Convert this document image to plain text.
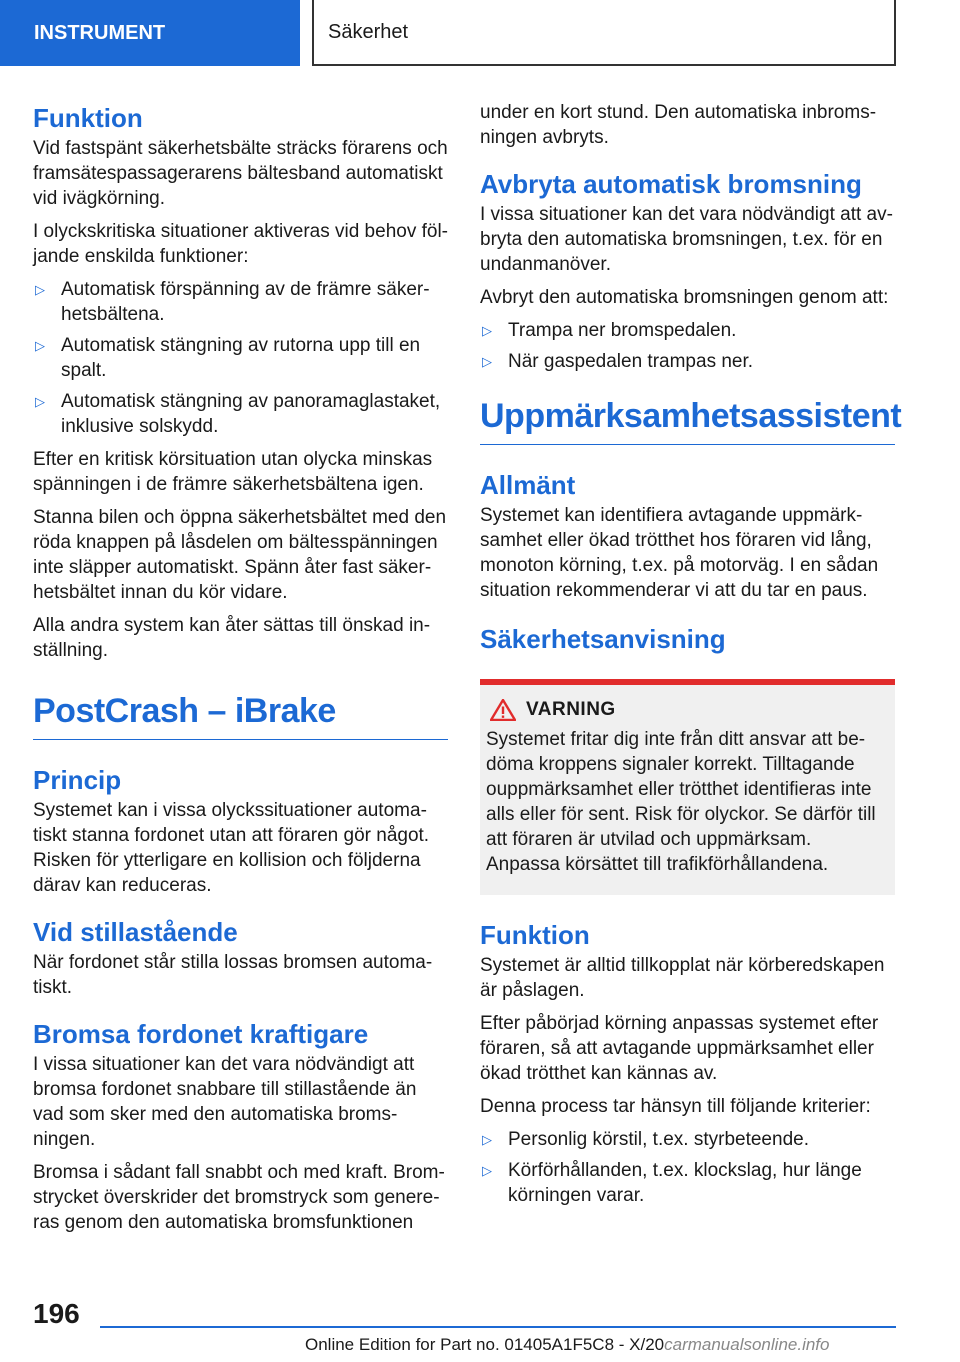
INSTRUMENT	Säkerhet
Funktion

Vid fastspänt säkerhetsbälte sträcks förarens och framsätespassagerarens bältesband automatiskt vid ivägkörning.

I olyckskritiska situationer aktiveras vid behov följande enskilda funktioner:

▷ Automatisk förspänning av de främre säkerhetsbältena.
▷ Automatisk stängning av rutorna upp till en spalt.
▷ Automatisk stängning av panoramaglastaket, inklusive solskydd.

Efter en kritisk körsituation utan olycka minskas spänningen i de främre säkerhetsbältena igen.

Stanna bilen och öppna säkerhetsbältet med den röda knappen på låsdelen om bältesspänningen inte släpper automatiskt. Spänn åter fast säkerhetsbältet innan du kör vidare.

Alla andra system kan åter sättas till önskad inställning.

PostCrash – iBrake
Princip

Systemet kan i vissa olyckssituationer automatiskt stanna fordonet utan att föraren gör något. Risken för ytterligare en kollision och följderna därav kan reduceras.

Vid stillastående

När fordonet står stilla lossas bromsen automatiskt.

Bromsa fordonet kraftigare

I vissa situationer kan det vara nödvändigt att bromsa fordonet snabbare till stillastående än vad som sker med den automatiska bromsningen.

Bromsa i sådant fall snabbt och med kraft. Bromstrycket överskrider det bromstryck som genereras genom den automatiska bromsfunktionen

under en kort stund. Den automatiska inbromsningen avbryts.

Avbryta automatisk bromsning

I vissa situationer kan det vara nödvändigt att avbryta den automatiska bromsningen, t.ex. för en undanmanöver.

Avbryt den automatiska bromsningen genom att:

▷ Trampa ner bromspedalen.
▷ När gaspedalen trampas ner.
Uppmärksamhetsassistent
Allmänt

Systemet kan identifiera avtagande uppmärksamhet eller ökad trötthet hos föraren vid lång, monoton körning, t.ex. på motorväg. I en sådan situation rekommenderar vi att du tar en paus.

Säkerhetsanvisning
VARNING

Systemet fritar dig inte från ditt ansvar att bedöma kroppens signaler korrekt. Tilltagande ouppmärksamhet eller trötthet identifieras inte alls eller för sent. Risk för olyckor. Se därför till att föraren är utvilad och uppmärksam. Anpassa körsättet till trafikförhållandena.

Funktion

Systemet är alltid tillkopplat när körberedskapen är påslagen.

Efter påbörjad körning anpassas systemet efter föraren, så att avtagande uppmärksamhet eller ökad trötthet kan kännas av.

Denna process tar hänsyn till följande kriterier:

▷ Personlig körstil, t.ex. styrbeteende.
▷ Körförhållanden, t.ex. klockslag, hur länge körningen varar.
196
Online Edition for Part no. 01405A1F5C8 - X/20carmanualsonline.info
